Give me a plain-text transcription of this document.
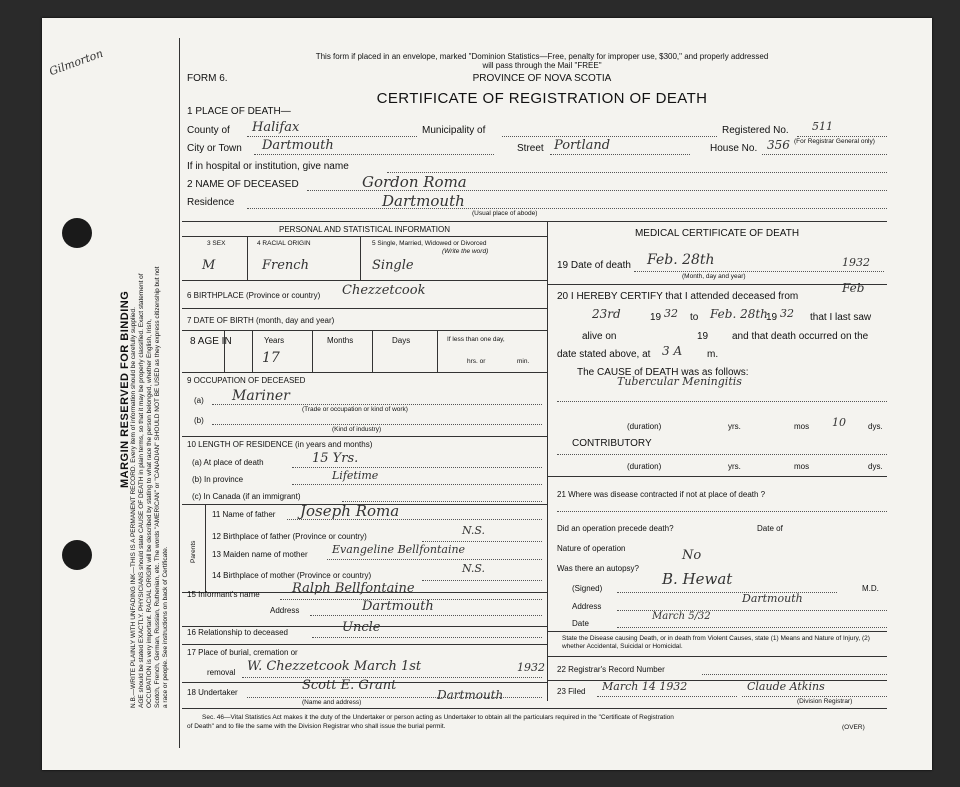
Gilmorton
MARGIN RESERVED FOR BINDING N.B.—WRITE PLAINLY WITH UNFADING INK—THIS IS A PERMANENT RECORD. Every item of information should be carefully supplied. AGE should be stated EXACTLY. PHYSICIANS should state CAUSE OF DEATH in plain terms, so that it may be properly classified. Exact statement of OCCUPATION is very important. RACIAL ORIGIN will be described by stating to what race the person belonged, whether English, Irish, Scotch, French, German, Russian, Ruthenian, etc. The words "AMERICAN" or "CANADIAN" SHOULD NOT BE USED as they express citizenship but not a race or people. See instructions on back of Certificate.
This form if placed in an envelope, marked "Dominion Statistics—Free, penalty for improper use, $300," and properly addressed
will pass through the Mail "FREE"
FORM 6.	PROVINCE OF NOVA SCOTIA
CERTIFICATE OF REGISTRATION OF DEATH
1 PLACE OF DEATH—
County of Halifax	Municipality of	Registered No. 511
(For Registrar General only)
City or Town Dartmouth	Street Portland	House No. 356
If in hospital or institution, give name
2 NAME OF DECEASED	Gordon Roma
Residence	Dartmouth
(Usual place of abode)
PERSONAL AND STATISTICAL INFORMATION
3 SEX	4 RACIAL ORIGIN	5 Single, Married, Widowed or Divorced
(Write the word)
M	French	Single
6 BIRTHPLACE (Province or country) Chezzetcook
7 DATE OF BIRTH (month, day and year)
8 AGE IN	Years
17
Months	Days	If less than one day,
hrs. or	min.
9 OCCUPATION OF DECEASED
(a) Mariner
(Trade or occupation or kind of work)
(b)
(Kind of industry)
10 LENGTH OF RESIDENCE (in years and months)
(a) At place of death	15 Yrs.
(b) In province	Lifetime
(c) In Canada (if an immigrant)
Parents
11 Name of father Joseph Roma
12 Birthplace of father (Province or country)	N.S.
13 Maiden name of mother Evangeline Bellfontaine
14 Birthplace of mother (Province or country)
N.S.
15 Informant's name Ralph Bellfontaine
Address	Dartmouth
16 Relationship to deceased	Uncle
17 Place of burial, cremation or
removal W. Chezzetcook March 1st	1932
18 Undertaker	Scott E. Grant
Dartmouth
(Name and address)
MEDICAL CERTIFICATE OF DEATH
19 Date of death Feb. 28th	1932
(Month, day and year)
20 I HEREBY CERTIFY that I attended deceased from
Feb
23rd	19 32 to Feb. 28th
19 32 that I last saw
alive on	19 and that death occurred on the
date stated above, at 3 A m.
The CAUSE of DEATH was as follows:
Tubercular Meningitis
(duration)	yrs.	mos 10	dys.
CONTRIBUTORY
(duration)	yrs.	mos	dys.
21 Where was disease contracted if not at place of death ?
Did an operation precede death?	Date of
Nature of operation
Was there an autopsy?
No
(Signed)
B. Hewat
M.D.
Address
Dartmouth
Date
March 5/32
State the Disease causing Death, or in death from Violent Causes, state (1) Means and Nature of Injury, (2) whether Accidental, Suicidal or Homicidal.
22 Registrar's Record Number
23 Filed March 14 1932	Claude Atkins
(Division Registrar)
Sec. 46—Vital Statistics Act makes it the duty of the Undertaker or person acting as Undertaker to obtain all the particulars required in the "Certificate of Registration
of Death" and to file the same with the Division Registrar who shall issue the burial permit.	(OVER)
